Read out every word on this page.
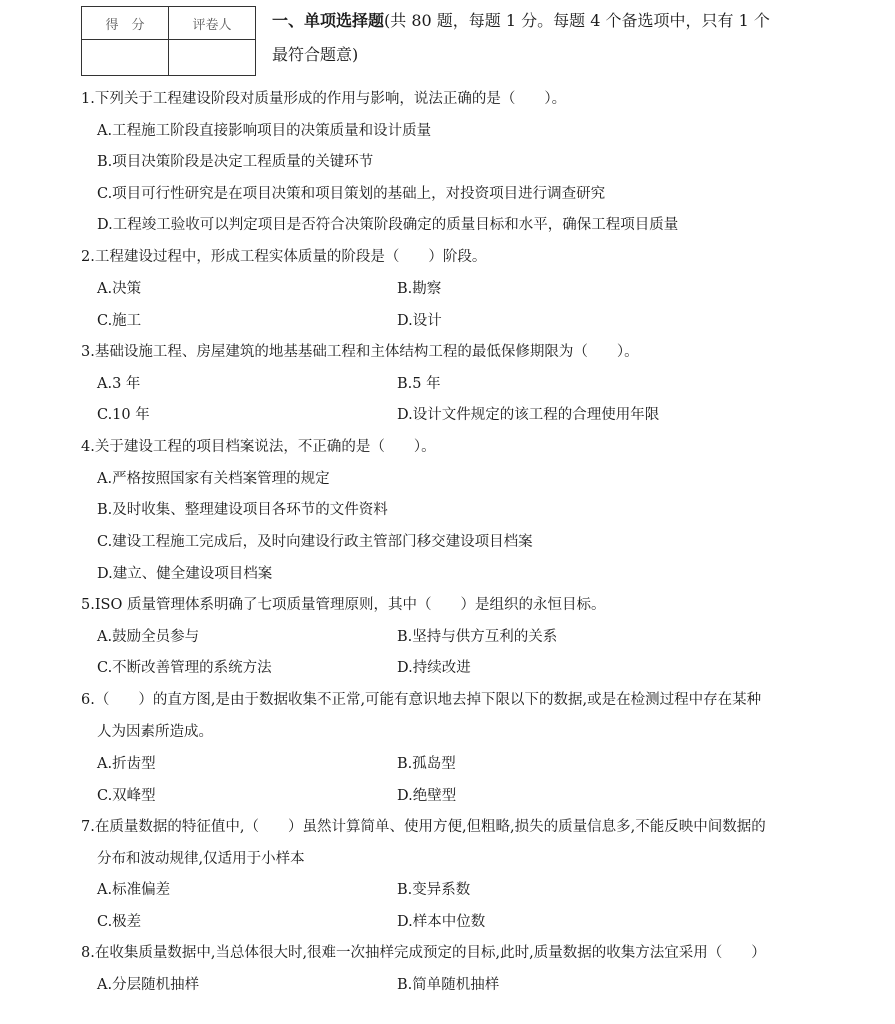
得　分	评卷人
		一、单项选择题(共 80 题，每题 1 分。每题 4 个备选项中，只有 1 个
最符合题意)
1.下列关于工程建设阶段对质量形成的作用与影响，说法正确的是（　　）。
A.工程施工阶段直接影响项目的决策质量和设计质量
B.项目决策阶段是决定工程质量的关键环节
C.项目可行性研究是在项目决策和项目策划的基础上，对投资项目进行调查研究
D.工程竣工验收可以判定项目是否符合决策阶段确定的质量目标和水平，确保工程项目质量
2.工程建设过程中，形成工程实体质量的阶段是（　　）阶段。
A.决策	B.勘察
C.施工	D.设计
3.基础设施工程、房屋建筑的地基基础工程和主体结构工程的最低保修期限为（　　）。
A.3 年	B.5 年
C.10 年	D.设计文件规定的该工程的合理使用年限
4.关于建设工程的项目档案说法，不正确的是（　　）。
A.严格按照国家有关档案管理的规定
B.及时收集、整理建设项目各环节的文件资料
C.建设工程施工完成后，及时向建设行政主管部门移交建设项目档案
D.建立、健全建设项目档案
5.ISO 质量管理体系明确了七项质量管理原则，其中（　　）是组织的永恒目标。
A.鼓励全员参与	B.坚持与供方互利的关系
C.不断改善管理的系统方法	D.持续改进
6.（　　）的直方图,是由于数据收集不正常,可能有意识地去掉下限以下的数据,或是在检测过程中存在某种
人为因素所造成。
A.折齿型	B.孤岛型
C.双峰型	D.绝壁型
7.在质量数据的特征值中,（　　）虽然计算简单、使用方便,但粗略,损失的质量信息多,不能反映中间数据的
分布和波动规律,仅适用于小样本
A.标准偏差	B.变异系数
C.极差	D.样本中位数
8.在收集质量数据中,当总体很大时,很难一次抽样完成预定的目标,此时,质量数据的收集方法宜采用（　　）
A.分层随机抽样	B.简单随机抽样
